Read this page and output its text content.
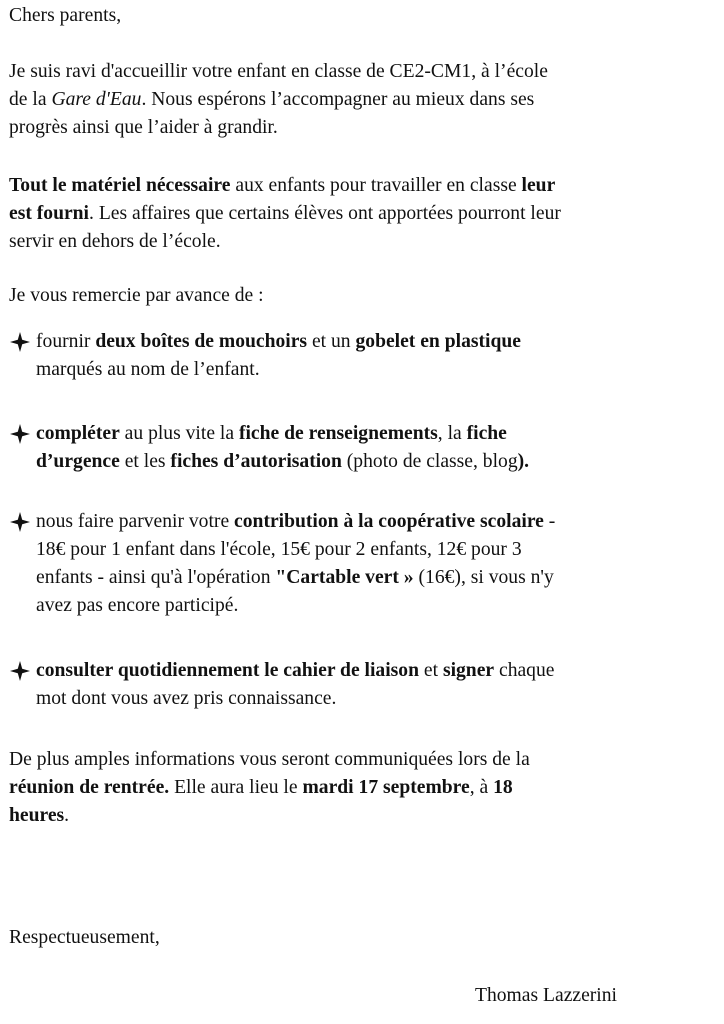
Chers parents,

Je suis ravi d'accueillir votre enfant en classe de CE2-CM1, à l’école
de la Gare d'Eau. Nous espérons l’accompagner au mieux dans ses
progrès ainsi que l’aider à grandir.

Tout le matériel nécessaire aux enfants pour travailler en classe leur
est fourni. Les affaires que certains élèves ont apportées pourront leur
servir en dehors de l’école.

Je vous remercie par avance de :

fournir deux boîtes de mouchoirs et un gobelet en plastique
marqués au nom de l’enfant.
compléter au plus vite la fiche de renseignements, la fiche
d’urgence et les fiches d’autorisation (photo de classe, blog).
nous faire parvenir votre contribution à la coopérative scolaire -
18€ pour 1 enfant dans l'école, 15€ pour 2 enfants, 12€ pour 3
enfants - ainsi qu'à l'opération "Cartable vert » (16€), si vous n'y
avez pas encore participé.
consulter quotidiennement le cahier de liaison et signer chaque
mot dont vous avez pris connaissance.

De plus amples informations vous seront communiquées lors de la
réunion de rentrée. Elle aura lieu le mardi 17 septembre, à 18
heures.

Respectueusement,

Thomas Lazzerini
